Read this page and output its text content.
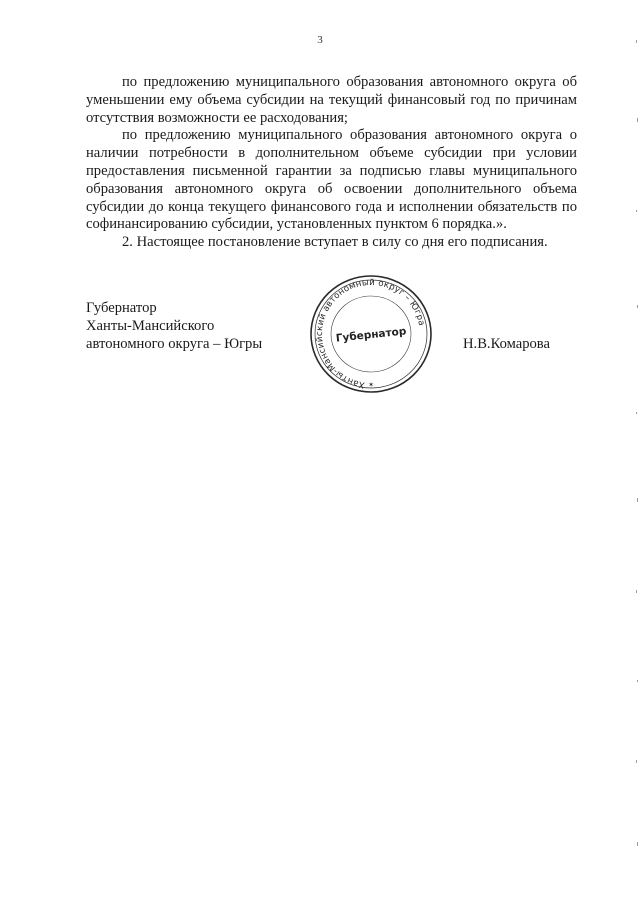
3

по предложению муниципального образования автономного округа об уменьшении ему объема субсидии на текущий финансовый год по причинам отсутствия возможности ее расходования;

по предложению муниципального образования автономного округа о наличии потребности в дополнительном объеме субсидии при условии предоставления письменной гарантии за подписью главы муниципального образования автономного округа об освоении дополнительного объема субсидии до конца текущего финансового года и исполнении обязательств по софинансированию субсидии, установленных пунктом 6 порядка.».

2. Настоящее постановление вступает в силу со дня его подписания.

Губернатор
Ханты-Мансийского
автономного округа – Югры
Ханты-Мансийский автономный округ – Югра
Губернатор
✶
Н.В.Комарова
